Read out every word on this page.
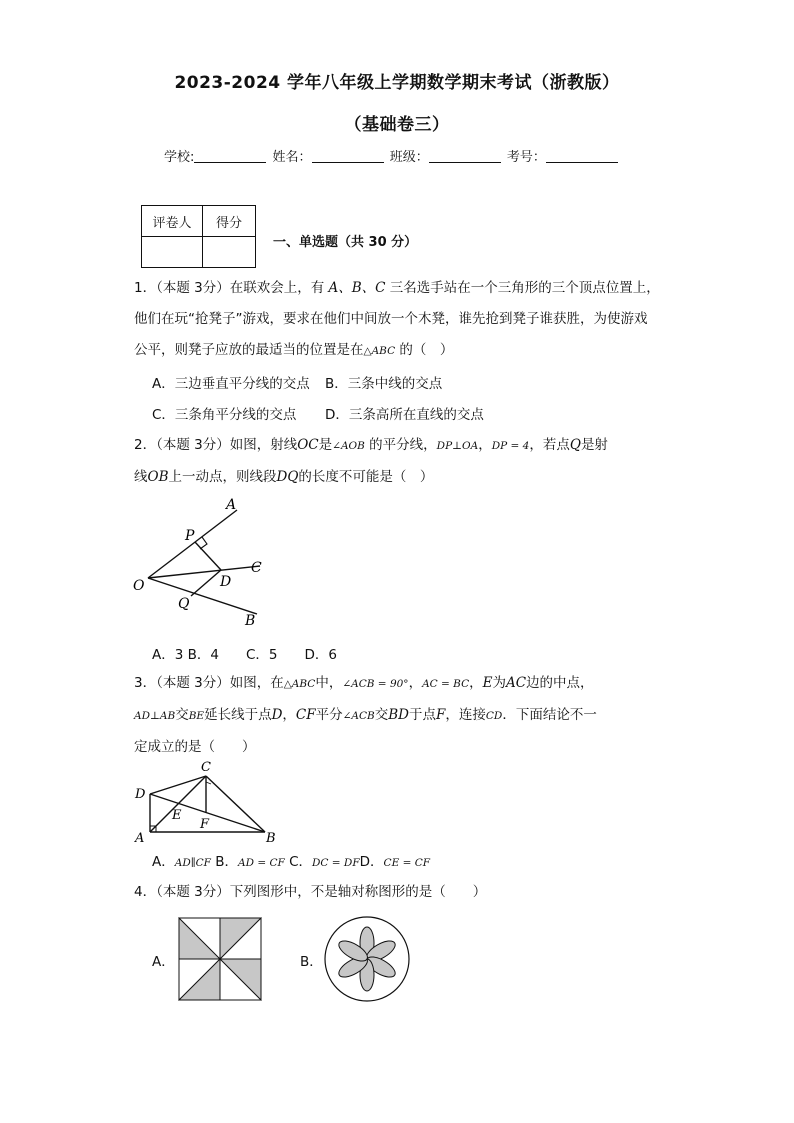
2023-2024 学年八年级上学期数学期末考试（浙教版）
（基础卷三）
学校:	姓名：	班级：	考号：
评卷人	得分

一、单选题（共 30 分）
1．（本题 3分）在联欢会上，有 A、B、C 三名选手站在一个三角形的三个顶点位置上，
他们在玩“抢凳子”游戏，要求在他们中间放一个木凳，谁先抢到凳子谁获胜，为使游戏
公平，则凳子应放的最适当的位置是在△ABC 的（　）
A．三边垂直平分线的交点 B．三条中线的交点
C．三条角平分线的交点 D．三条高所在直线的交点
2．（本题 3分）如图，射线OC是∠AOB 的平分线，DP⊥OA，DP = 4，若点Q是射
线OB上一动点，则线段DQ的长度不可能是（　）
A
P
C
O	D
Q
B
A．3 B．4　　C．5　　D．6
3．（本题 3分）如图，在△ABC中，∠ACB = 90°，AC = BC，E为AC边的中点，
AD⊥AB交BE延长线于点D，CF平分∠ACB交BD于点F，连接CD．下面结论不一
定成立的是（　　）
C
D
E
F
A	B
A．AD∥CF B．AD = CF C．DC = DFD．CE = CF
4．（本题 3分）下列图形中，不是轴对称图形的是（　　）
A．	B．
